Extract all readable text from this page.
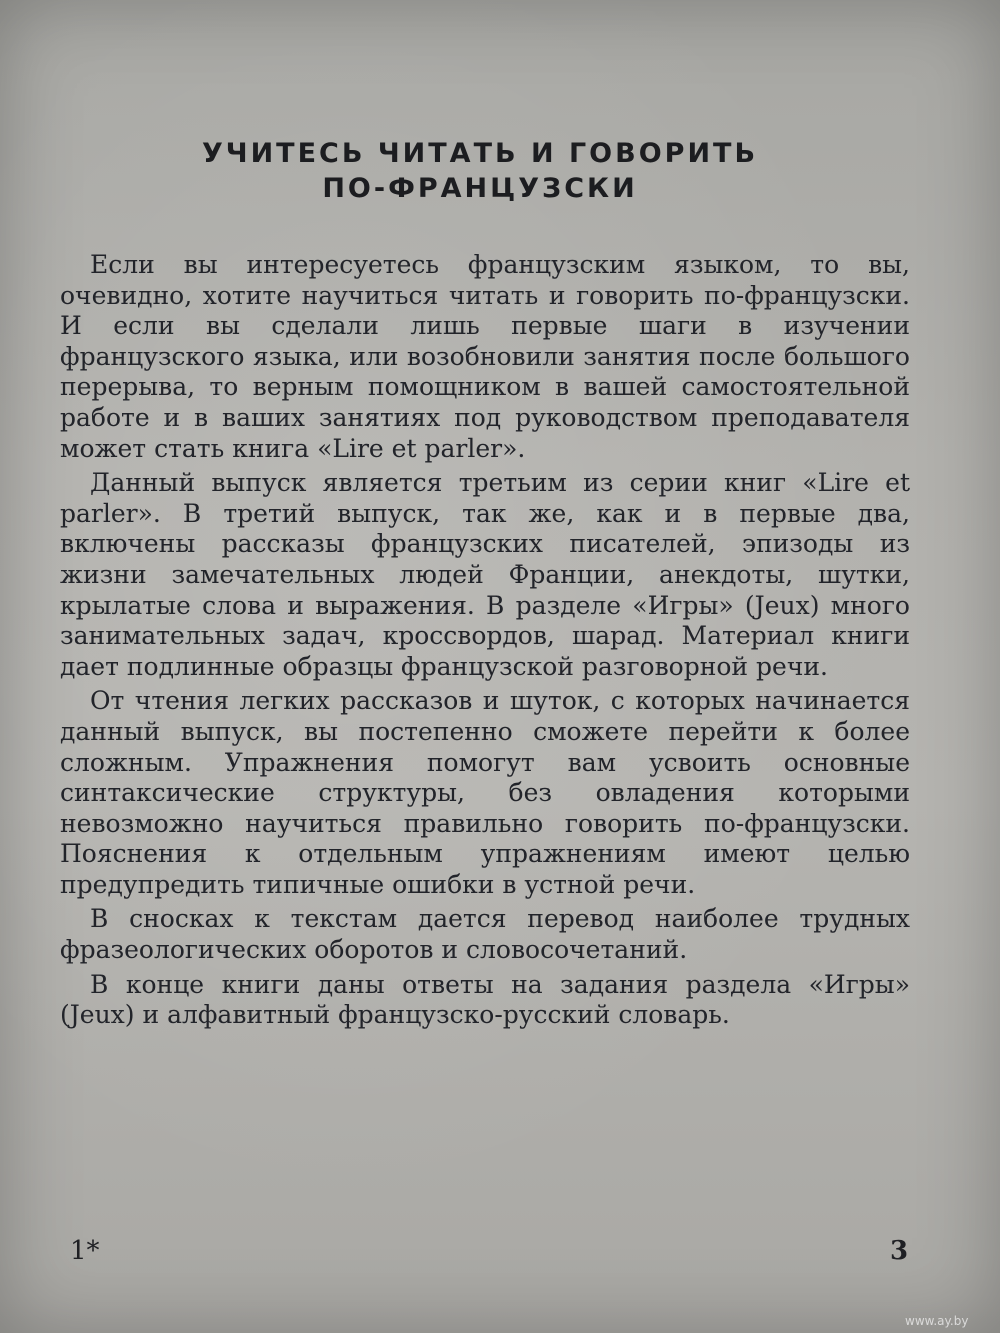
УЧИТЕСЬ ЧИТАТЬ И ГОВОРИТЬ
ПО-ФРАНЦУЗСКИ

Если вы интересуетесь французским языком, то вы, очевидно, хотите научиться читать и говорить по-французски. И если вы сделали лишь первые шаги в изучении французского языка, или возобновили занятия после большого перерыва, то верным помощником в вашей самостоятельной работе и в ваших занятиях под руководством преподавателя может стать книга «Lire et parler».

Данный выпуск является третьим из серии книг «Lire et parler». В третий выпуск, так же, как и в первые два, включены рассказы французских писателей, эпизоды из жизни замечательных людей Франции, анекдоты, шутки, крылатые слова и выражения. В разделе «Игры» (Jeux) много занимательных задач, кроссвордов, шарад. Материал книги дает подлинные образцы французской разговорной речи.

От чтения легких рассказов и шуток, с которых начинается данный выпуск, вы постепенно сможете перейти к более сложным. Упражнения помогут вам усвоить основные синтаксические структуры, без овладения которыми невозможно научиться правильно говорить по-французски. Пояснения к отдельным упражнениям имеют целью предупредить типичные ошибки в устной речи.

В сносках к текстам дается перевод наиболее трудных фразеологических оборотов и словосочетаний.

В конце книги даны ответы на задания раздела «Игры» (Jeux) и алфавитный французско-русский словарь.

1*	3
www.ay.by
